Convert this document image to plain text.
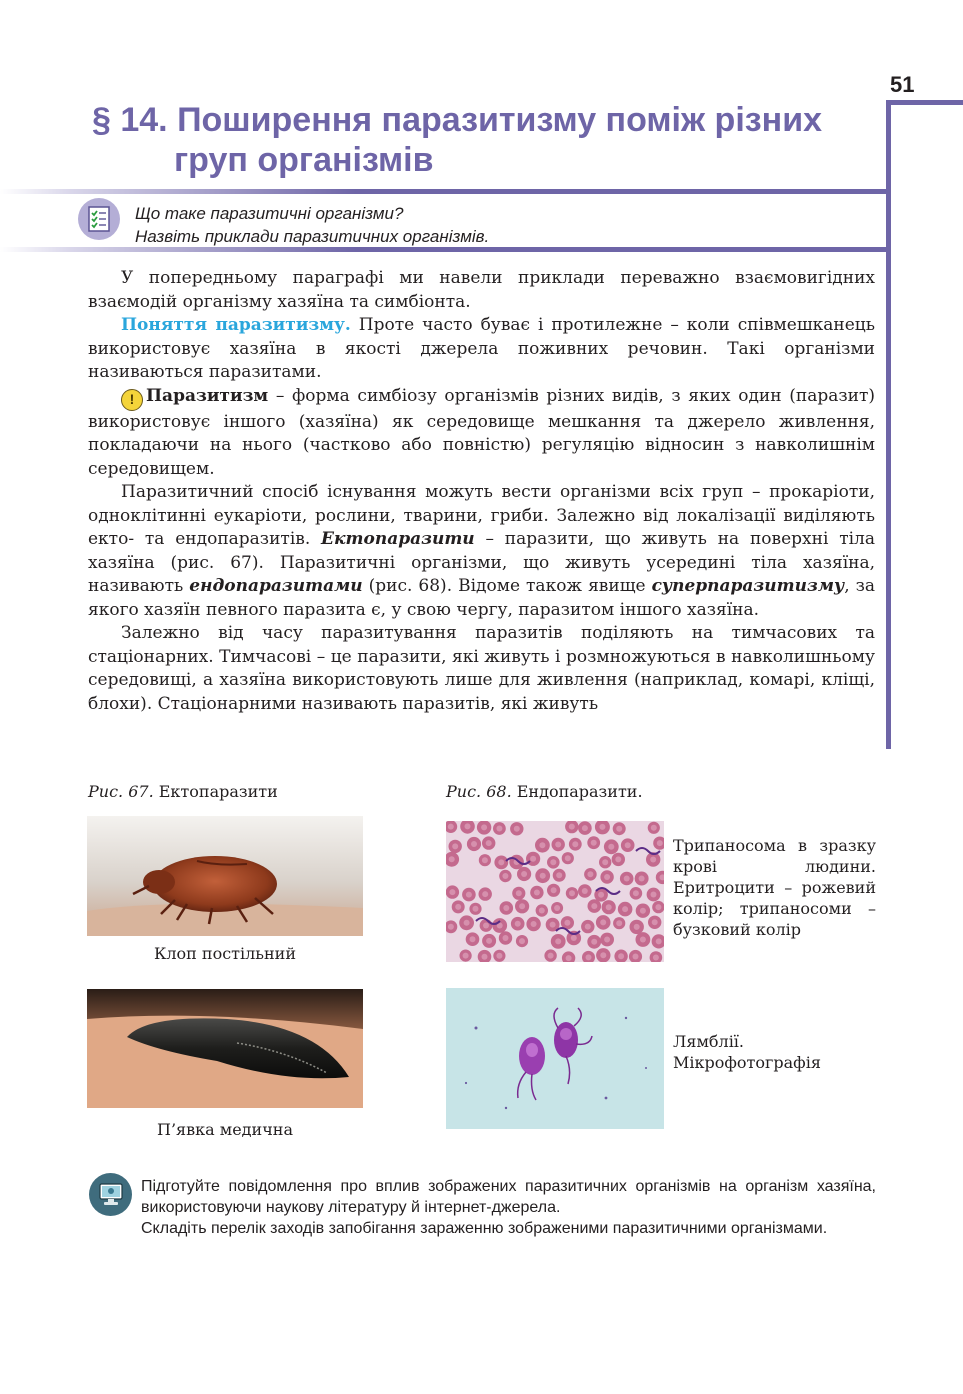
51
§ 14. Поширення паразитизму поміж різних
груп організмів
Що таке паразитичні організми?
Назвіть приклади паразитичних організмів.

У попередньому параграфі ми навели приклади переважно взаємовигідних взаємодій організму хазяїна та симбіонта.

Поняття паразитизму. Проте часто буває і протилежне – коли співмешканець використовує хазяїна в якості джерела поживних речовин. Такі організми називаються паразитами.

! Паразитизм – форма симбіозу організмів різних видів, з яких один (паразит) використовує іншого (хазяїна) як середовище мешкання та джерело живлення, покладаючи на нього (частково або повністю) регуляцію відносин з навколишнім середовищем.

Паразитичний спосіб існування можуть вести організми всіх груп – прокаріоти, одноклітинні еукаріоти, рослини, тварини, гриби. Залежно від локалізації виділяють екто- та ендопаразитів. Ектопаразити – паразити, що живуть на поверхні тіла хазяїна (рис. 67). Паразитичні організми, що живуть усередині тіла хазяїна, називають ендопаразитами (рис. 68). Відоме також явище суперпаразитизму, за якого хазяїн певного паразита є, у свою чергу, паразитом іншого хазяїна.

Залежно від часу паразитування паразитів поділяють на тимчасових та стаціонарних. Тимчасові – це паразити, які живуть і розмножуються в навколишньому середовищі, а хазяїна використовують лише для живлення (наприклад, комарі, кліщі, блохи). Стаціонарними називають паразитів, які живуть

Рис. 67. Ектопаразити
Клоп постільний
П’явка медична
Рис. 68. Ендопаразити.
Трипаносома в зразку крові людини. Еритроцити – рожевий колір; трипаносоми – бузковий колір
Лямблії.
Мікрофотографія

Підготуйте повідомлення про вплив зображених паразитичних організмів на організм хазяїна, використовуючи наукову літературу й інтернет-джерела.

Складіть перелік заходів запобігання зараженню зображеними паразитичними організмами.
